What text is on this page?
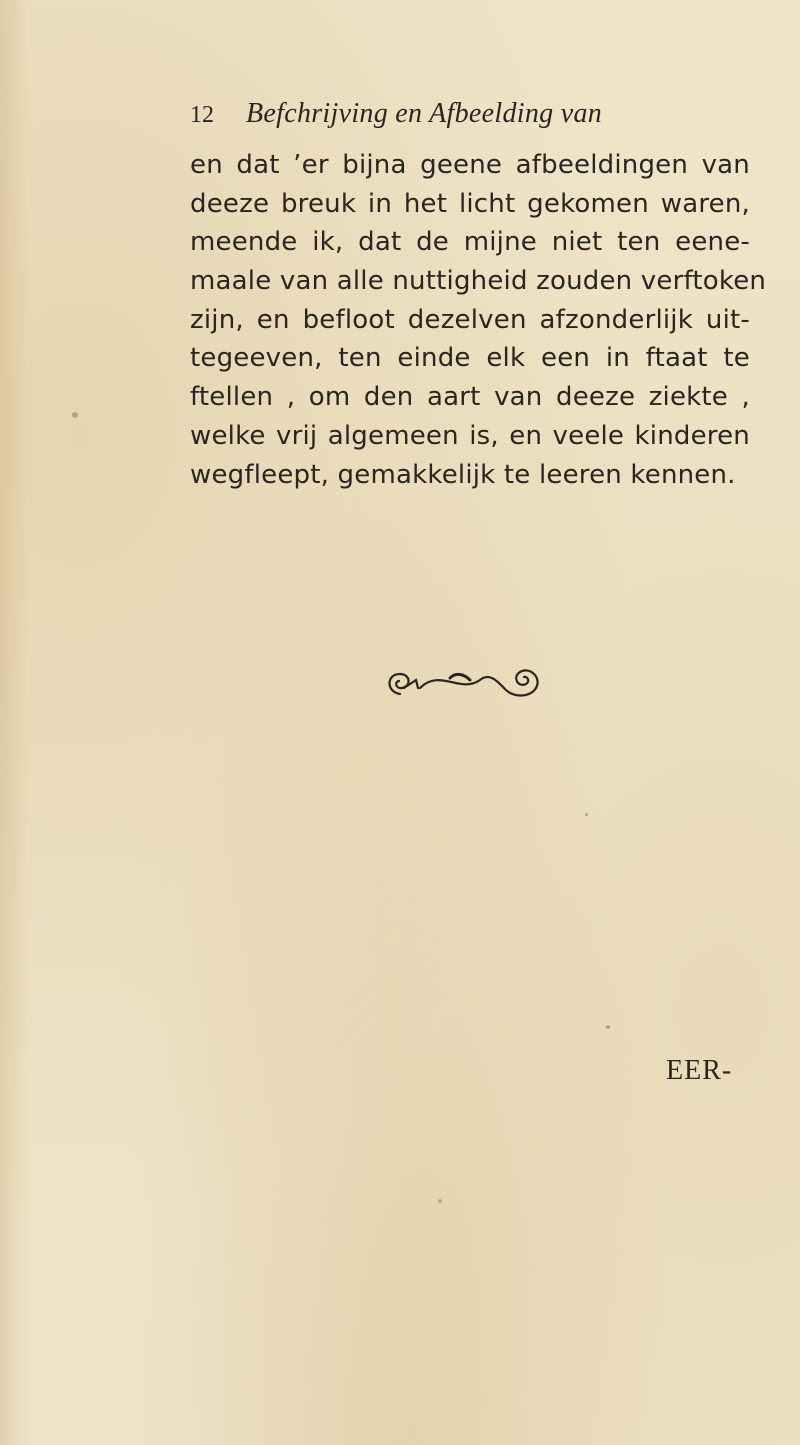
12 Befchrijving en Afbeelding van
en dat ’er bijna geene afbeeldingen van
deeze breuk in het licht gekomen waren,
meende ik, dat de mijne niet ten eene-
maale van alle nuttigheid zouden verftoken
zijn, en befloot dezelven afzonderlijk uit-
tegeeven, ten einde elk een in ftaat te
ftellen , om den aart van deeze ziekte ,
welke vrij algemeen is, en veele kinderen
wegfleept, gemakkelijk te leeren kennen.
EER-
